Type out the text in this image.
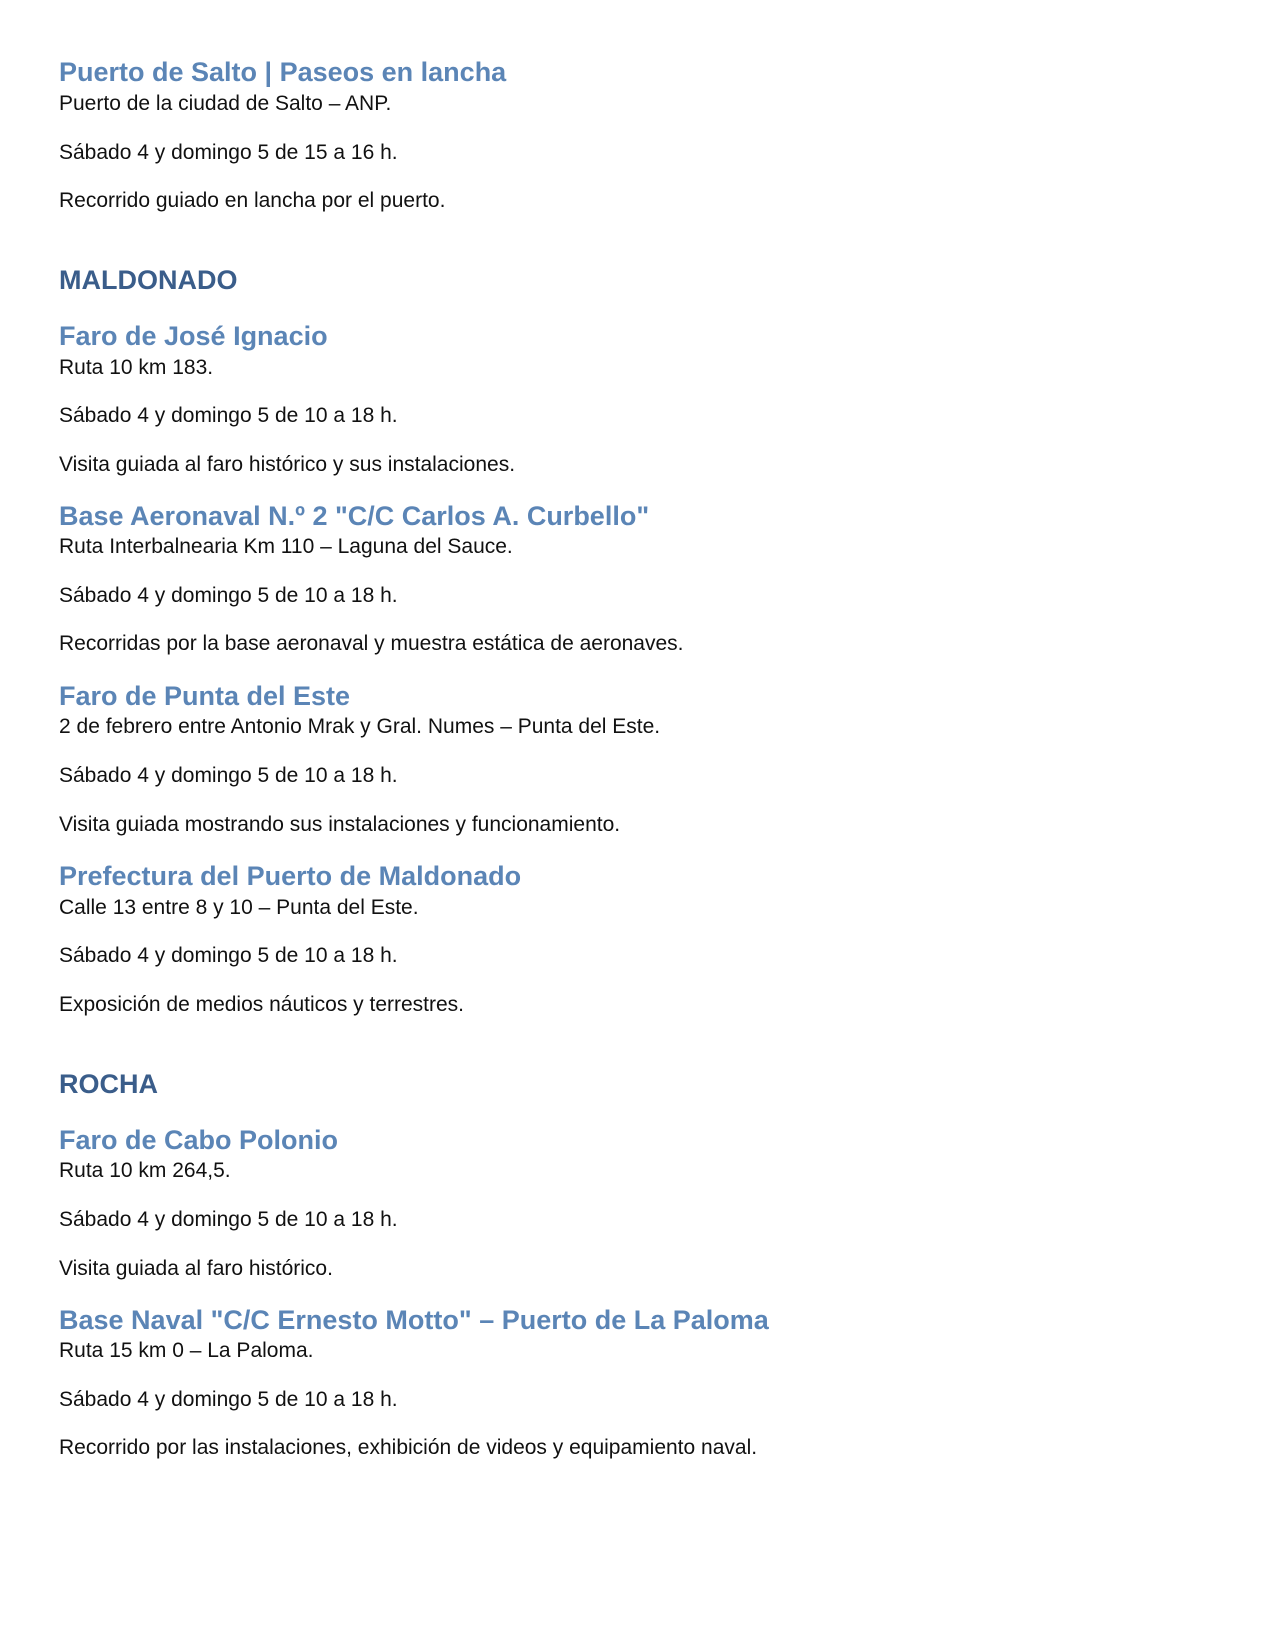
Puerto de Salto | Paseos en lancha

Puerto de la ciudad de Salto – ANP.

Sábado 4 y domingo 5 de 15 a 16 h.

Recorrido guiado en lancha por el puerto.

MALDONADO
Faro de José Ignacio

Ruta 10 km 183.

Sábado 4 y domingo 5 de 10 a 18 h.

Visita guiada al faro histórico y sus instalaciones.

Base Aeronaval N.º 2 "C/C Carlos A. Curbello"

Ruta Interbalnearia Km 110 – Laguna del Sauce.

Sábado 4 y domingo 5 de 10 a 18 h.

Recorridas por la base aeronaval y muestra estática de aeronaves.

Faro de Punta del Este

2 de febrero entre Antonio Mrak y Gral. Numes – Punta del Este.

Sábado 4 y domingo 5 de 10 a 18 h.

Visita guiada mostrando sus instalaciones y funcionamiento.

Prefectura del Puerto de Maldonado

Calle 13 entre 8 y 10 – Punta del Este.

Sábado 4 y domingo 5 de 10 a 18 h.

Exposición de medios náuticos y terrestres.

ROCHA
Faro de Cabo Polonio

Ruta 10 km 264,5.

Sábado 4 y domingo 5 de 10 a 18 h.

Visita guiada al faro histórico.

Base Naval "C/C Ernesto Motto" – Puerto de La Paloma

Ruta 15 km 0 – La Paloma.

Sábado 4 y domingo 5 de 10 a 18 h.

Recorrido por las instalaciones, exhibición de videos y equipamiento naval.
